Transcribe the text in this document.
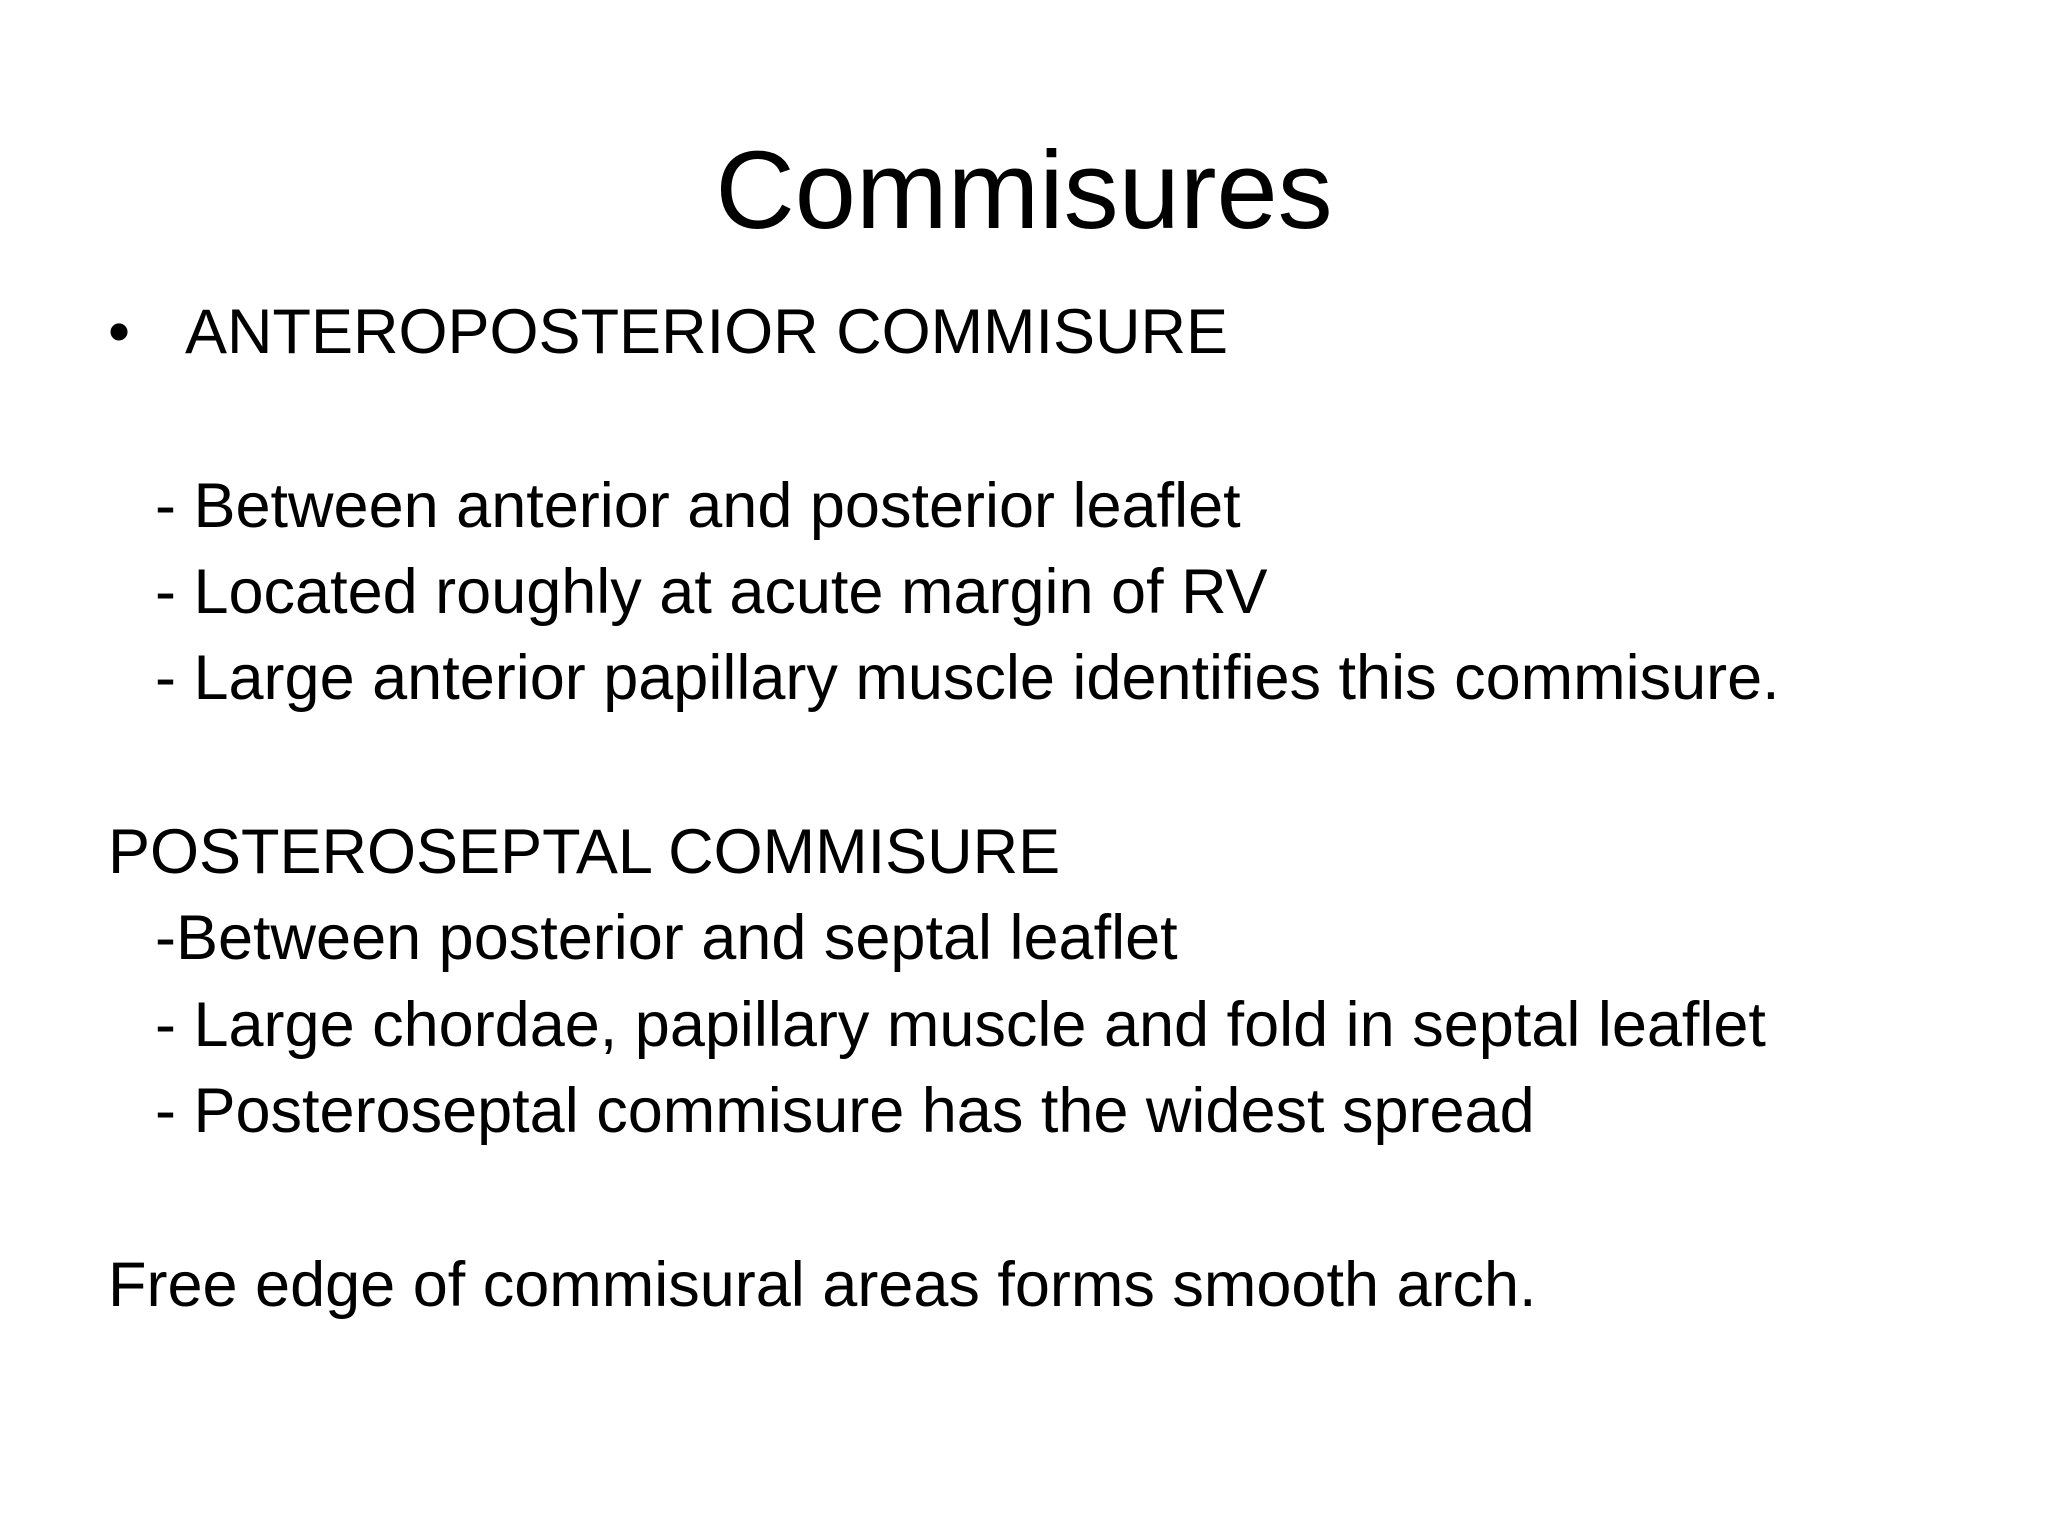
Commisures
• ANTEROPOSTERIOR COMMISURE
- Between anterior and posterior leaflet
- Located roughly at acute margin of RV
- Large anterior papillary muscle identifies this commisure.
POSTEROSEPTAL COMMISURE
-Between posterior and septal leaflet
- Large chordae, papillary muscle and fold in septal leaflet
- Posteroseptal commisure has the widest spread
Free edge of commisural areas forms smooth arch.
